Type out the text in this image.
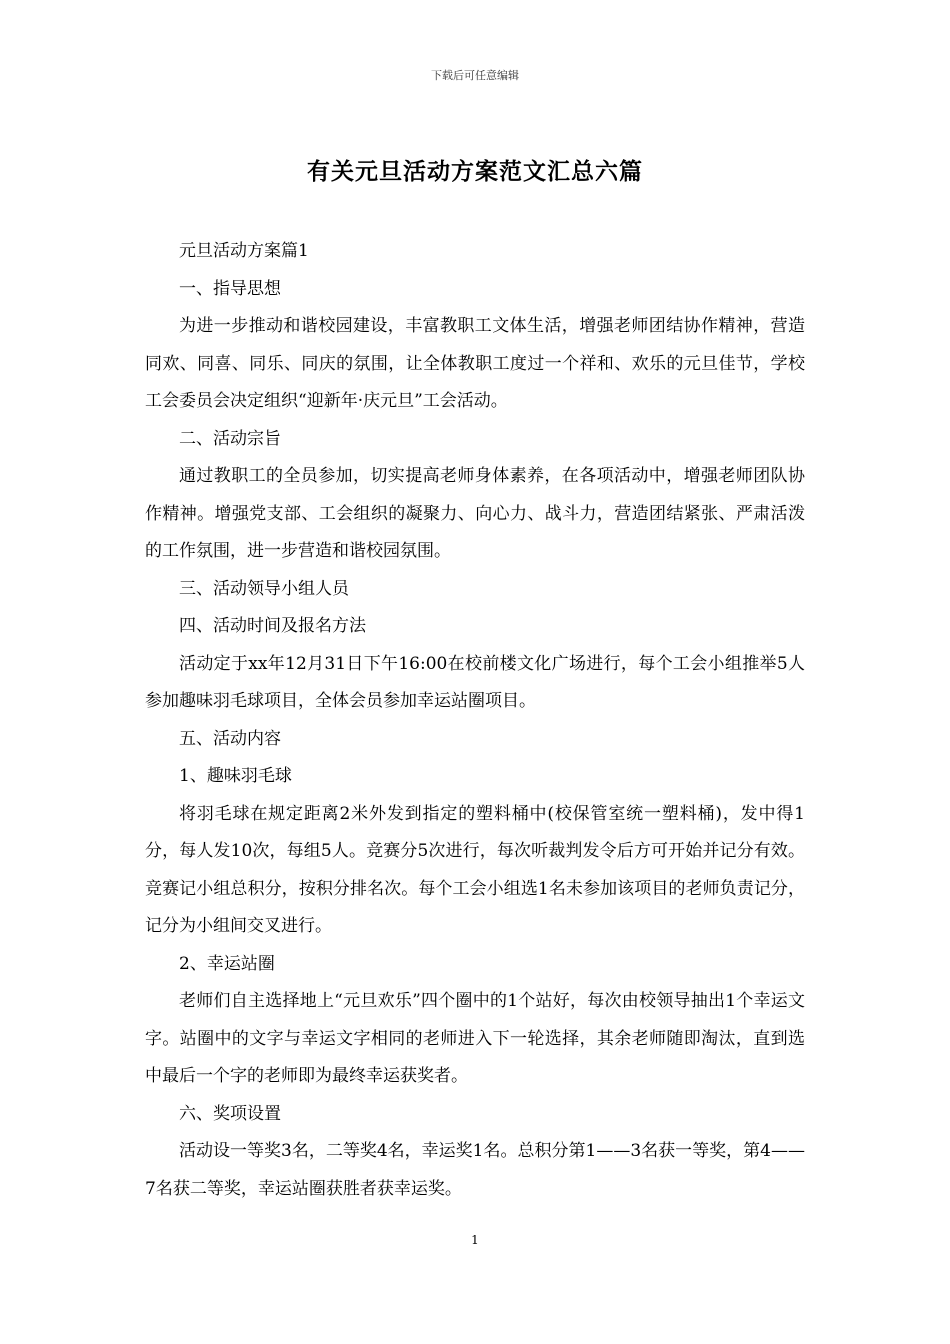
下载后可任意编辑
有关元旦活动方案范文汇总六篇

元旦活动方案篇1

一、指导思想

为进一步推动和谐校园建设，丰富教职工文体生活，增强老师团结协作精神，营造同欢、同喜、同乐、同庆的氛围，让全体教职工度过一个祥和、欢乐的元旦佳节，学校工会委员会决定组织“迎新年·庆元旦”工会活动。

二、活动宗旨

通过教职工的全员参加，切实提高老师身体素养，在各项活动中，增强老师团队协作精神。增强党支部、工会组织的凝聚力、向心力、战斗力，营造团结紧张、严肃活泼的工作氛围，进一步营造和谐校园氛围。

三、活动领导小组人员

四、活动时间及报名方法

活动定于xx年12月31日下午16:00在校前楼文化广场进行，每个工会小组推举5人参加趣味羽毛球项目，全体会员参加幸运站圈项目。

五、活动内容

1、趣味羽毛球

将羽毛球在规定距离2米外发到指定的塑料桶中(校保管室统一塑料桶)，发中得1分，每人发10次，每组5人。竞赛分5次进行，每次听裁判发令后方可开始并记分有效。竞赛记小组总积分，按积分排名次。每个工会小组选1名未参加该项目的老师负责记分，记分为小组间交叉进行。

2、幸运站圈

老师们自主选择地上“元旦欢乐”四个圈中的1个站好，每次由校领导抽出1个幸运文字。站圈中的文字与幸运文字相同的老师进入下一轮选择，其余老师随即淘汰，直到选中最后一个字的老师即为最终幸运获奖者。

六、奖项设置

活动设一等奖3名，二等奖4名，幸运奖1名。总积分第1——3名获一等奖，第4——7名获二等奖，幸运站圈获胜者获幸运奖。

1
